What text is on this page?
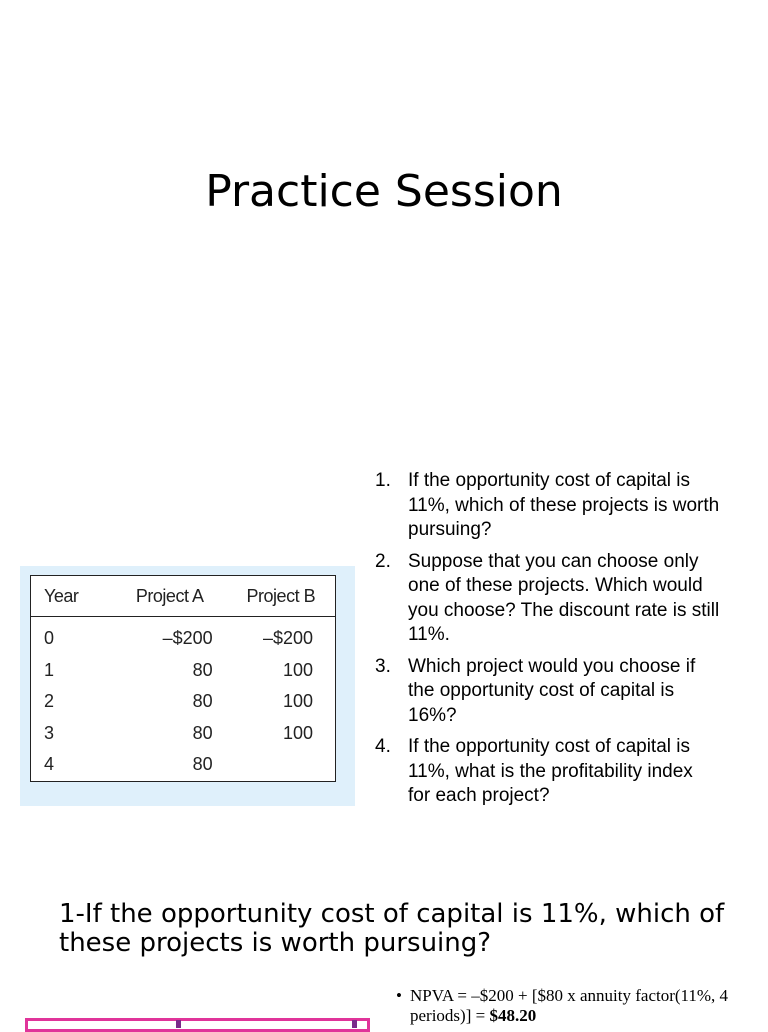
Practice Session
Year	Project A	Project B
0	–$200	–$200
1	80	100
2	80	100
3	80	100
4	80	
1. If the opportunity cost of capital is 11%, which of these projects is worth pursuing?
2. Suppose that you can choose only one of these projects. Which would you choose? The discount rate is still 11%.
3. Which project would you choose if the opportunity cost of capital is 16%?
4. If the opportunity cost of capital is 11%, what is the profitability index for each project?
1-If the opportunity cost of capital is 11%, which of these projects is worth pursuing?
• NPVA = –$200 + [$80 x annuity factor(11%, 4 periods)] = $48.20
